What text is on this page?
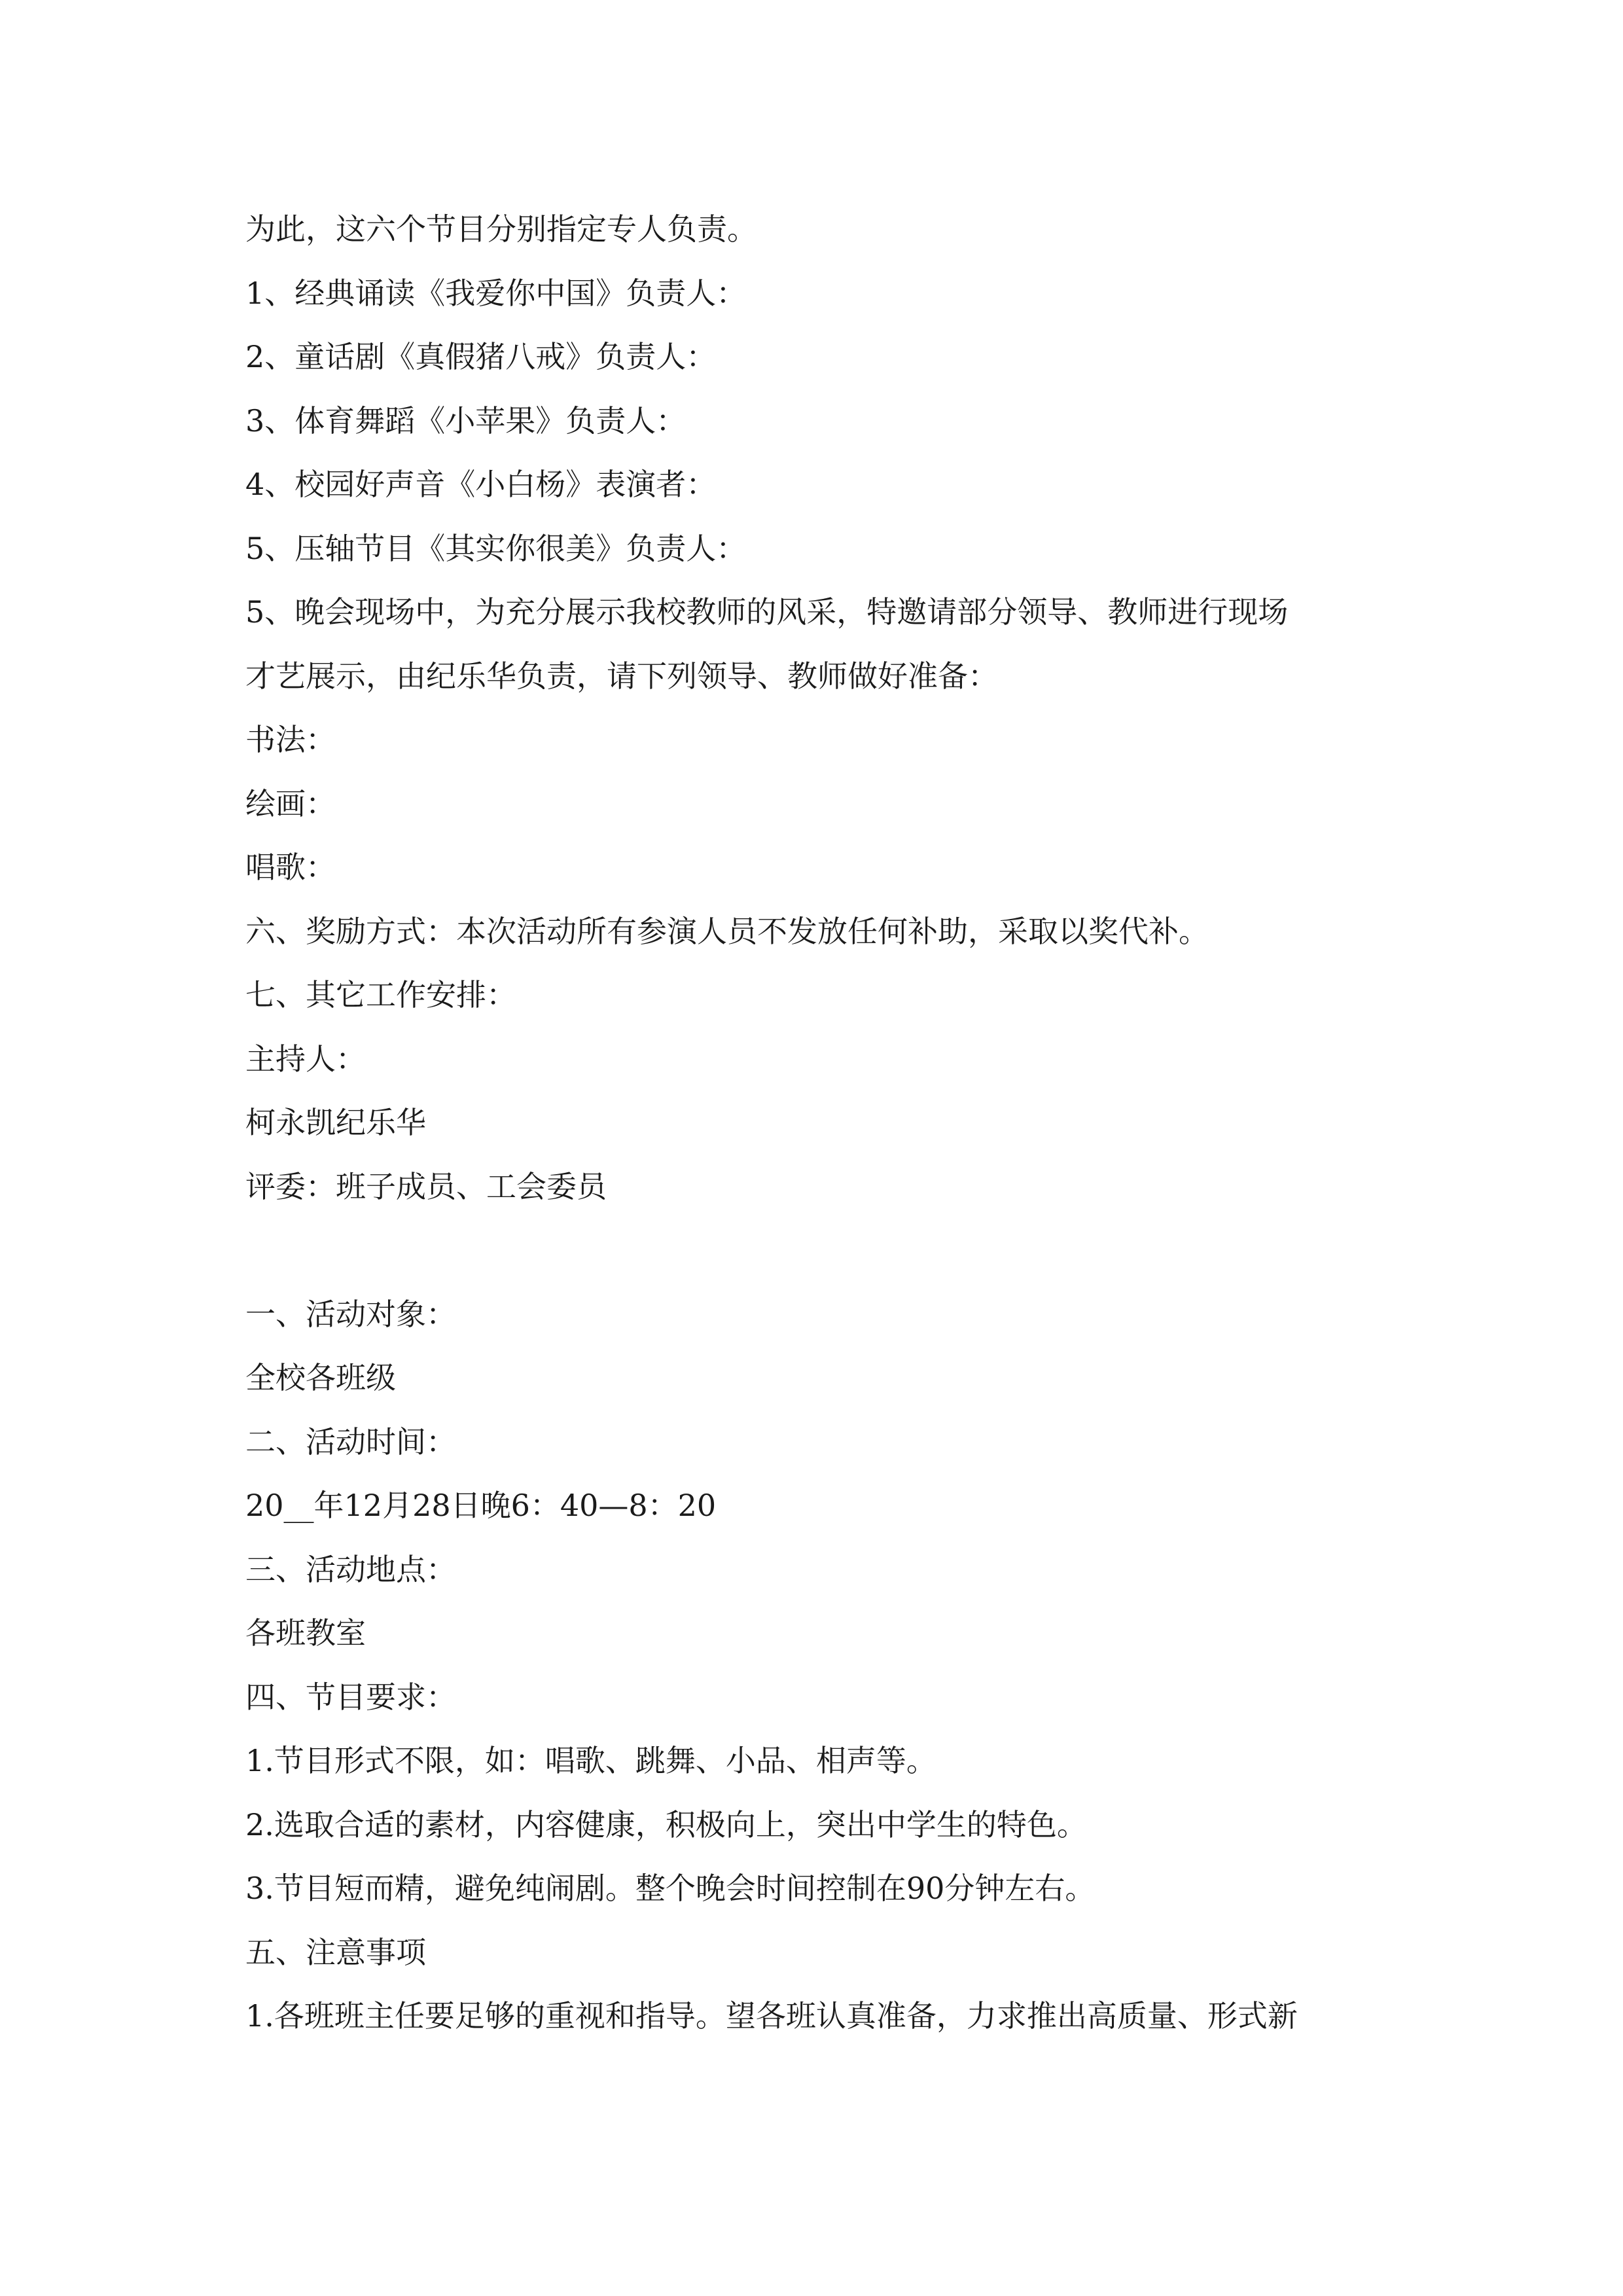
为此，这六个节目分别指定专人负责。
1、经典诵读《我爱你中国》负责人：
2、童话剧《真假猪八戒》负责人：
3、体育舞蹈《小苹果》负责人：
4、校园好声音《小白杨》表演者：
5、压轴节目《其实你很美》负责人：
5、晚会现场中，为充分展示我校教师的风采，特邀请部分领导、教师进行现场
才艺展示，由纪乐华负责，请下列领导、教师做好准备：
书法：
绘画：
唱歌：
六、奖励方式：本次活动所有参演人员不发放任何补助，采取以奖代补。
七、其它工作安排：
主持人：
柯永凯纪乐华
评委：班子成员、工会委员
一、活动对象：
全校各班级
二、活动时间：
20__年12月28日晚6：40—8：20
三、活动地点：
各班教室
四、节目要求：
1.节目形式不限，如：唱歌、跳舞、小品、相声等。
2.选取合适的素材，内容健康，积极向上，突出中学生的特色。
3.节目短而精，避免纯闹剧。整个晚会时间控制在90分钟左右。
五、注意事项
1.各班班主任要足够的重视和指导。望各班认真准备，力求推出高质量、形式新
